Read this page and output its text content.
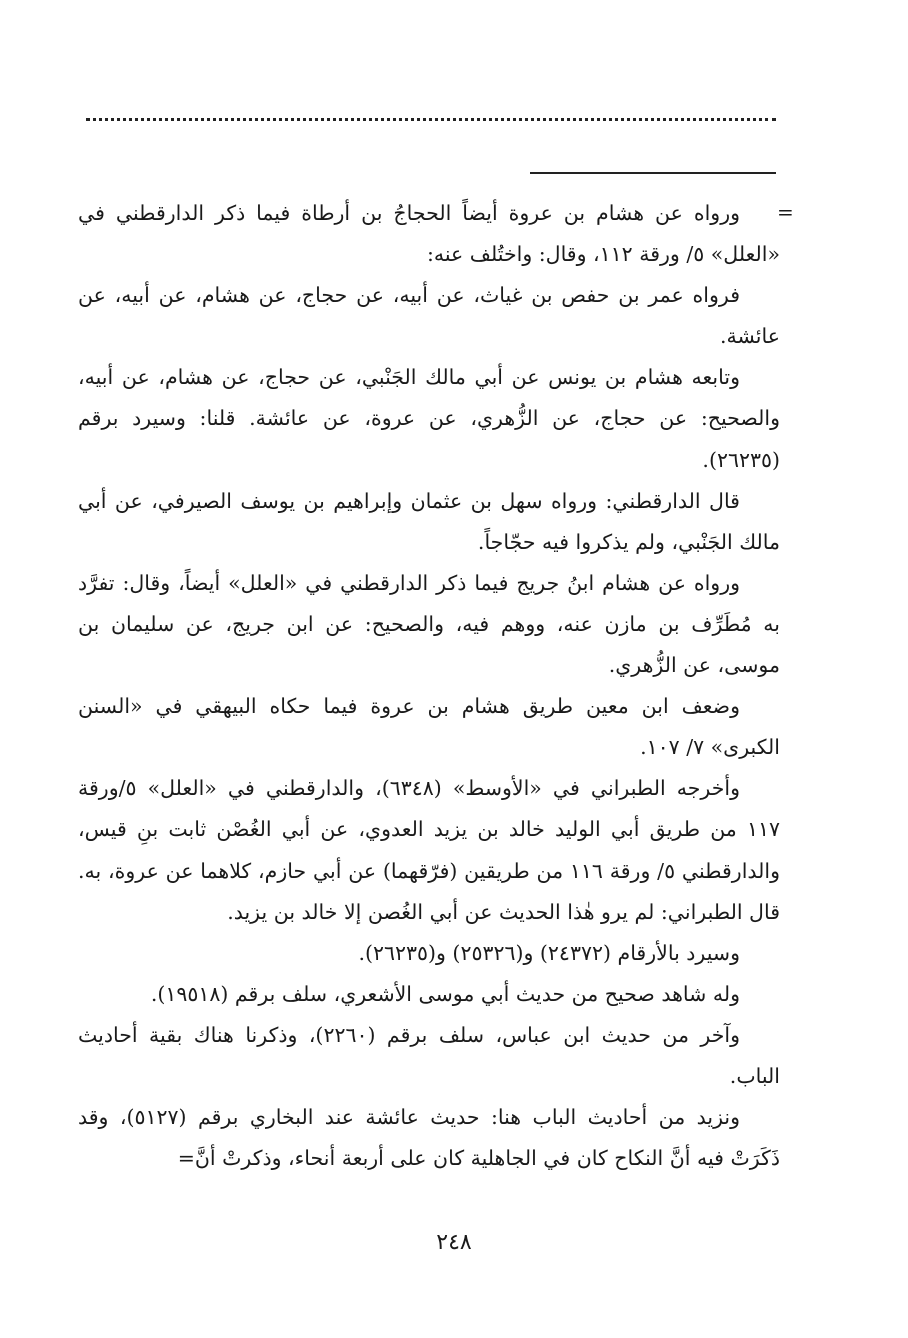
=

ورواه عن هشام بن عروة أيضاً الحجاجُ بن أرطاة فيما ذكر الدارقطني في «العلل» ٥/ ورقة ١١٢، وقال: واختُلف عنه:

فرواه عمر بن حفص بن غياث، عن أبيه، عن حجاج، عن هشام، عن أبيه، عن عائشة.

وتابعه هشام بن يونس عن أبي مالك الجَنْبي، عن حجاج، عن هشام، عن أبيه، والصحيح: عن حجاج، عن الزُّهري، عن عروة، عن عائشة. قلنا: وسيرد برقم (٢٦٢٣٥).

قال الدارقطني: ورواه سهل بن عثمان وإبراهيم بن يوسف الصيرفي، عن أبي مالك الجَنْبي، ولم يذكروا فيه حجّاجاً.

ورواه عن هشام ابنُ جريج فيما ذكر الدارقطني في «العلل» أيضاً، وقال: تفرَّد به مُطَرِّف بن مازن عنه، ووهم فيه، والصحيح: عن ابن جريج، عن سليمان بن موسى، عن الزُّهري.

وضعف ابن معين طريق هشام بن عروة فيما حكاه البيهقي في «السنن الكبرى» ٧/ ١٠٧.

وأخرجه الطبراني في «الأوسط» (٦٣٤٨)، والدارقطني في «العلل» ٥/ورقة ١١٧ من طريق أبي الوليد خالد بن يزيد العدوي، عن أبي الغُصْن ثابت بنِ قيس، والدارقطني ٥/ ورقة ١١٦ من طريقين (فرّقهما) عن أبي حازم، كلاهما عن عروة، به. قال الطبراني: لم يرو هٰذا الحديث عن أبي الغُصن إلا خالد بن يزيد.

وسيرد بالأرقام (٢٤٣٧٢) و(٢٥٣٢٦) و(٢٦٢٣٥).

وله شاهد صحيح من حديث أبي موسى الأشعري، سلف برقم (١٩٥١٨).

وآخر من حديث ابن عباس، سلف برقم (٢٢٦٠)، وذكرنا هناك بقية أحاديث الباب.

ونزيد من أحاديث الباب هنا: حديث عائشة عند البخاري برقم (٥١٢٧)، وقد ذَكَرَتْ فيه أنَّ النكاح كان في الجاهلية كان على أربعة أنحاء، وذكرتْ أنَّ=

٢٤٨
